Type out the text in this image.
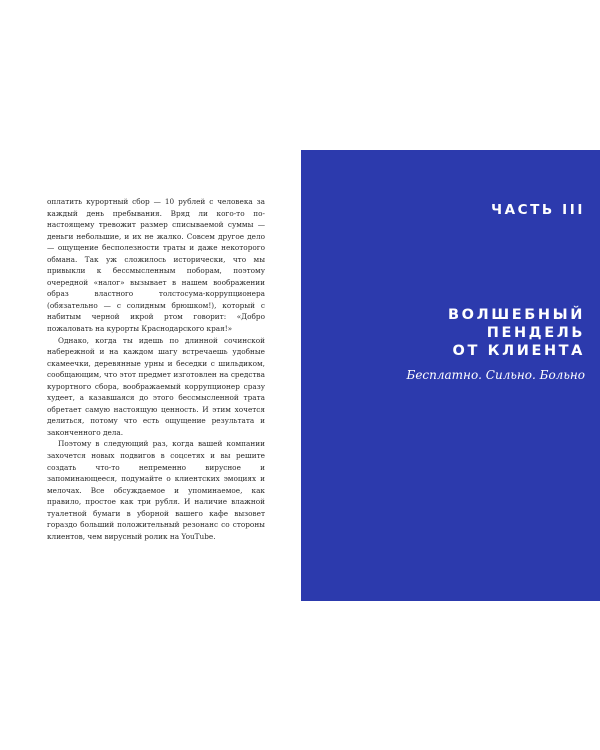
оплатить курортный сбор — 10 рублей с человека за каждый день пребывания. Вряд ли кого-то по-настоящему тревожит размер списываемой суммы — деньги небольшие, и их не жалко. Совсем другое дело — ощущение бесполезности траты и даже некоторого обмана. Так уж сложилось исторически, что мы привыкли к бессмысленным поборам, поэтому очередной «налог» вызывает в нашем воображении образ властного толстосума-коррупционера (обязательно — с солидным брюшком!), который с набитым черной икрой ртом говорит: «Добро пожаловать на курорты Краснодарского края!»

Однако, когда ты идешь по длинной сочинской набережной и на каждом шагу встречаешь удобные скамеечки, деревянные урны и беседки с шильдиком, сообщающим, что этот предмет изготовлен на средства курортного сбора, воображаемый коррупционер сразу худеет, а казавшаяся до этого бессмысленной трата обретает самую настоящую ценность. И этим хочется делиться, потому что есть ощущение результата и законченного дела.

Поэтому в следующий раз, когда вашей компании захочется новых подвигов в соцсетях и вы решите создать что-то непременно вирусное и запоминающееся, подумайте о клиентских эмоциях и мелочах. Все обсуждаемое и упоминаемое, как правило, простое как три рубля. И наличие влажной туалетной бумаги в уборной вашего кафе вызовет гораздо больший положительный резонанс со стороны клиентов, чем вирусный ролик на YouTube.

ЧАСТЬ III
ВОЛШЕБНЫЙ
ПЕНДЕЛЬ
ОТ КЛИЕНТА
Бесплатно. Сильно. Больно
